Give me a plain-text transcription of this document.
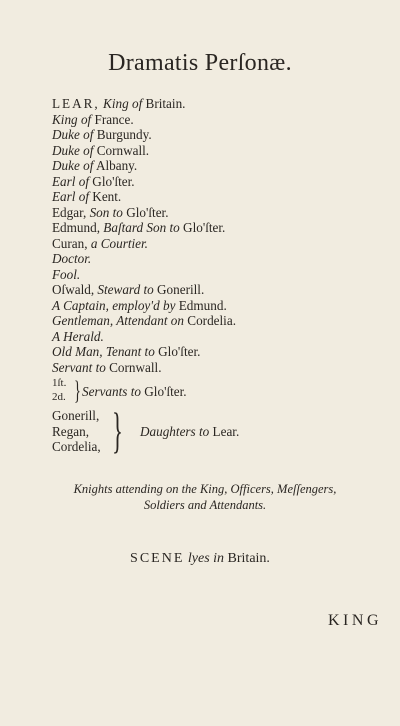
Dramatis Perſonæ.
LEAR, King of Britain.
King of France.
Duke of Burgundy.
Duke of Cornwall.
Duke of Albany.
Earl of Glo'ſter.
Earl of Kent.
Edgar, Son to Glo'ſter.
Edmund, Baſtard Son to Glo'ſter.
Curan, a Courtier.
Doctor.
Fool.
Oſwald, Steward to Gonerill.
A Captain, employ'd by Edmund.
Gentleman, Attendant on Cordelia.
A Herald.
Old Man, Tenant to Glo'ſter.
Servant to Cornwall.
1ſt.
2d. } Servants to Glo'ſter.
Gonerill,
Regan,
Cordelia, } Daughters to Lear.
Knights attending on the King, Officers, Meſſengers,
Soldiers and Attendants.
SCENE lyes in Britain.
KING
